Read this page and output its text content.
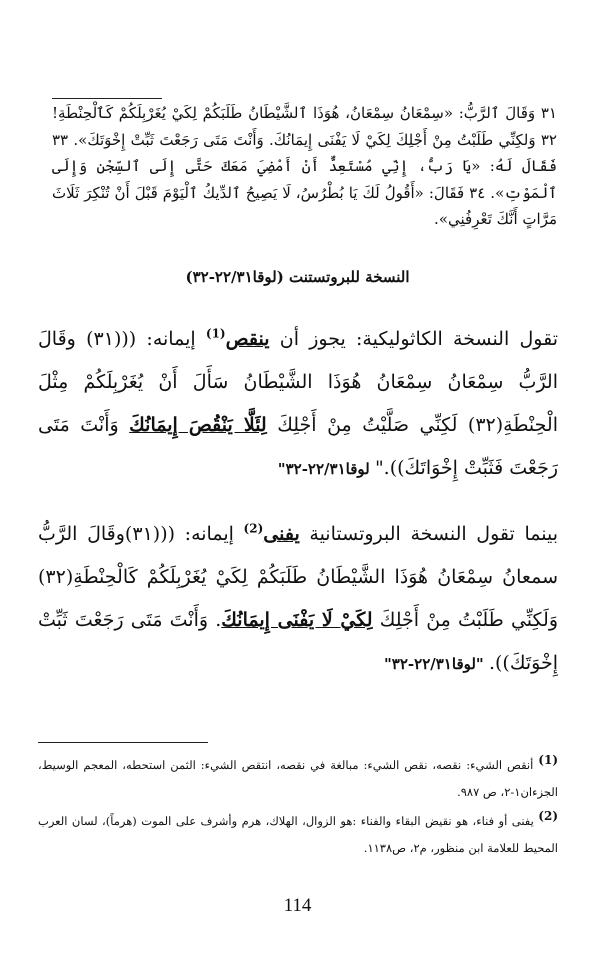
٣١ وَقَالَ ٱلرَّبُّ: «سِمْعَانُ سِمْعَانُ، هُوَذَا ٱلشَّيْطَانُ طَلَبَكُمْ لِكَيْ يُغَرْبِلَكُمْ كَٱلْحِنْطَةِ! ٣٢ وَلكِنِّي طَلَبْتُ مِنْ أَجْلِكَ لِكَيْ لَا يَفْنَى إِيمَانُكَ. وَأَنْتَ مَتَى رَجَعْتَ ثَبِّتْ إِخْوَتَكَ». ٣٣ فَقَالَ لَهُ: «يَا رَبُّ، إِنِّي مُسْتَعِدٌّ أَنْ أَمْضِيَ مَعَكَ حَتَّى إِلَى ٱلسِّجْنِ وَإِلَى ٱلْمَوْتِ». ٣٤ فَقَالَ: «أَقُولُ لَكَ يَا بُطْرُسُ، لَا يَصِيحُ ٱلدِّيكُ ٱلْيَوْمَ قَبْلَ أَنْ تُنْكِرَ ثَلَاثَ مَرَّاتٍ أَنَّكَ تَعْرِفُنِي».
النسخة للبروتستنت (لوقا٢٢/٣١-٣٢)
تقول النسخة الكاثوليكية: يجوز أن ينقص$^{(1)}$ إيمانه: (((٣١) وقَالَ الرَّبُّ سِمْعَانُ سِمْعَانُ هُوَذَا الشَّيْطَانُ سَأَلَ أَنْ يُغَرْبِلَكُمْ مِثْلَ الْحِنْطَةِ(٣٢) لَكِنِّي صَلَّيْتُ مِنْ أَجْلِكَ لِئَلَّا يَنْقُصَ إِيمَانُكَ وَأَنْتَ مَتَى رَجَعْتَ فَثَبِّتْ إِخْوَاتَكَ))." لوقا٢٢/٣١-٣٢"
بينما تقول النسخة البروتستانية يفنى$^{(2)}$ إيمانه: (((٣١)وقَالَ الرَّبُّ سمعانُ سِمْعَانُ هُوَذَا الشَّيْطَانُ طَلَبَكُمْ لِكَيْ يُغَرْبِلَكُمْ كَالْحِنْطَةِ(٣٢) وَلَكِنِّي طَلَبْتُ مِنْ أَجْلِكَ لِكَيْ لَا يَفْنَى إِيمَانُكَ. وَأَنْتَ مَتَى رَجَعْتَ ثَبِّتْ إِخْوَتَكَ)). "لوقا٢٢/٣١-٣٢"
(1) أنقص الشيء: نقصه، نقص الشيء: مبالغة في نقصه، انتقص الشيء: الثمن استحطه، المعجم الوسيط، الجزءان١-٢، ص ٩٨٧.
(2) يفنى أو فناء، هو نقيض البقاء والفناء :هو الزوال، الهلاك، هرم وأشرف على الموت (هرماً)، لسان العرب المحيط للعلامة ابن منظور، م٢، ص١١٣٨.
114
